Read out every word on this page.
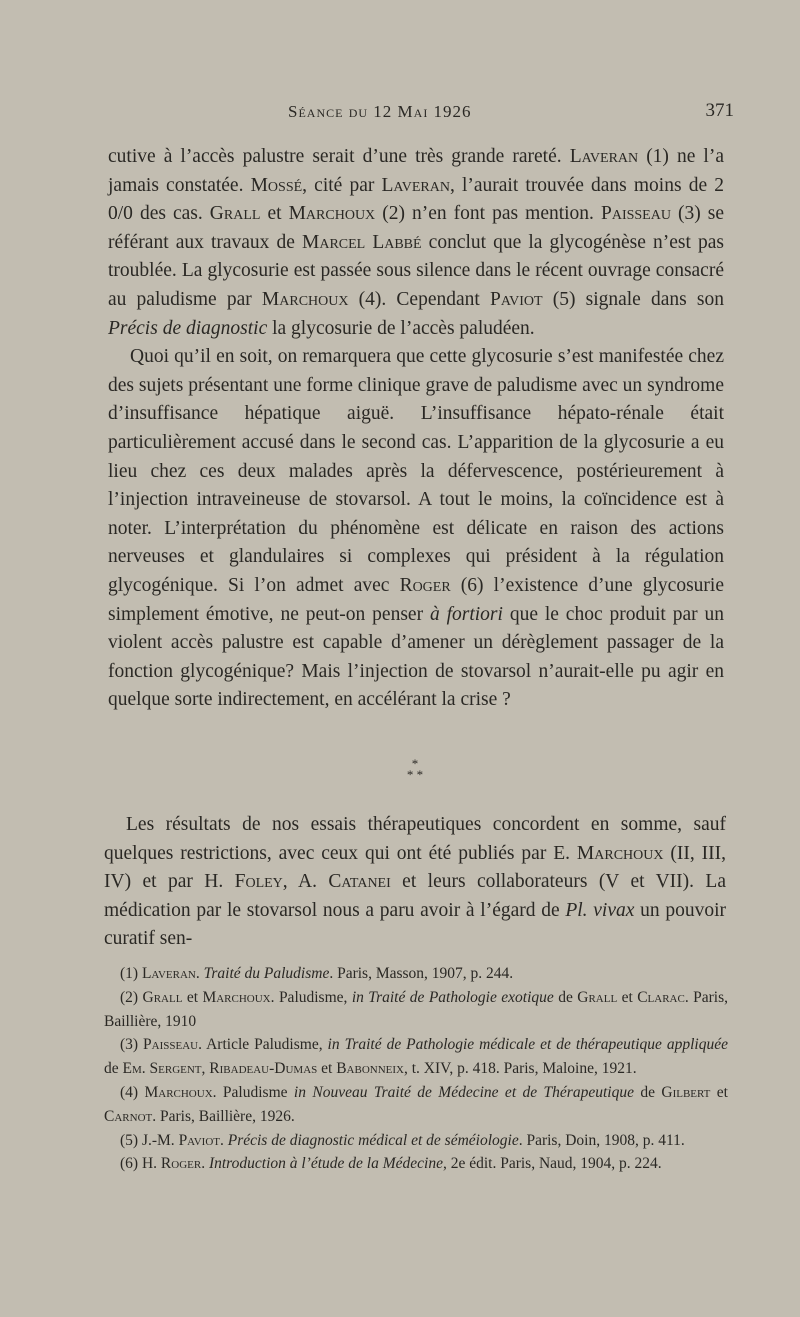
Séance du 12 Mai 1926	371

cutive à l’accès palustre serait d’une très grande rareté. Laveran (1) ne l’a jamais constatée. Mossé, cité par Laveran, l’aurait trouvée dans moins de 2 0/0 des cas. Grall et Marchoux (2) n’en font pas mention. Paisseau (3) se référant aux travaux de Marcel Labbé conclut que la glycogénèse n’est pas troublée. La glycosurie est passée sous silence dans le récent ouvrage consacré au paludisme par Marchoux (4). Cependant Paviot (5) signale dans son Précis de diagnostic la glycosurie de l’accès paludéen.

Quoi qu’il en soit, on remarquera que cette glycosurie s’est manifestée chez des sujets présentant une forme clinique grave de paludisme avec un syndrome d’insuffisance hépatique aiguë. L’insuffisance hépato-rénale était particulièrement accusé dans le second cas. L’apparition de la glycosurie a eu lieu chez ces deux malades après la défervescence, postérieurement à l’injection intraveineuse de stovarsol. A tout le moins, la coïncidence est à noter. L’interprétation du phénomène est délicate en raison des actions nerveuses et glandulaires si complexes qui président à la régulation glycogénique. Si l’on admet avec Roger (6) l’existence d’une glycosurie simplement émotive, ne peut-on penser à fortiori que le choc produit par un violent accès palustre est capable d’amener un dérèglement passager de la fonction glycogénique? Mais l’injection de stovarsol n’aurait-elle pu agir en quelque sorte indirectement, en accélérant la crise ?

*
* *

Les résultats de nos essais thérapeutiques concordent en somme, sauf quelques restrictions, avec ceux qui ont été publiés par E. Marchoux (II, III, IV) et par H. Foley, A. Catanei et leurs collaborateurs (V et VII). La médication par le stovarsol nous a paru avoir à l’égard de Pl. vivax un pouvoir curatif sen-

(1) Laveran. Traité du Paludisme. Paris, Masson, 1907, p. 244.

(2) Grall et Marchoux. Paludisme, in Traité de Pathologie exotique de Grall et Clarac. Paris, Baillière, 1910

(3) Paisseau. Article Paludisme, in Traité de Pathologie médicale et de thérapeutique appliquée de Em. Sergent, Ribadeau-Dumas et Babonneix, t. XIV, p. 418. Paris, Maloine, 1921.

(4) Marchoux. Paludisme in Nouveau Traité de Médecine et de Thérapeutique de Gilbert et Carnot. Paris, Baillière, 1926.

(5) J.-M. Paviot. Précis de diagnostic médical et de séméiologie. Paris, Doin, 1908, p. 411.

(6) H. Roger. Introduction à l’étude de la Médecine, 2e édit. Paris, Naud, 1904, p. 224.
